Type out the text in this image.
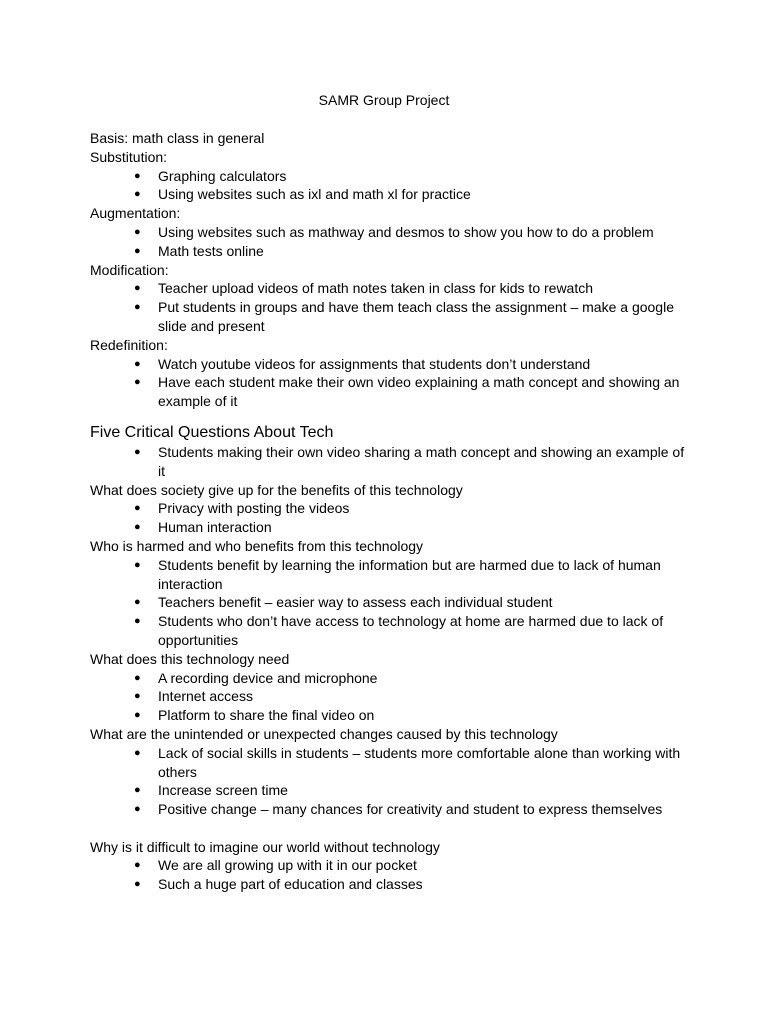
SAMR Group Project

Basis: math class in general

Substitution:

● Graphing calculators
● Using websites such as ixl and math xl for practice

Augmentation:

● Using websites such as mathway and desmos to show you how to do a problem
● Math tests online

Modification:

● Teacher upload videos of math notes taken in class for kids to rewatch
● Put students in groups and have them teach class the assignment – make a google slide and present

Redefinition:

● Watch youtube videos for assignments that students don’t understand
● Have each student make their own video explaining a math concept and showing an example of it

Five Critical Questions About Tech

● Students making their own video sharing a math concept and showing an example of it

What does society give up for the benefits of this technology

● Privacy with posting the videos
● Human interaction

Who is harmed and who benefits from this technology

● Students benefit by learning the information but are harmed due to lack of human interaction
● Teachers benefit – easier way to assess each individual student
● Students who don’t have access to technology at home are harmed due to lack of opportunities

What does this technology need

● A recording device and microphone
● Internet access
● Platform to share the final video on

What are the unintended or unexpected changes caused by this technology

● Lack of social skills in students – students more comfortable alone than working with others
● Increase screen time
● Positive change – many chances for creativity and student to express themselves

Why is it difficult to imagine our world without technology

● We are all growing up with it in our pocket
● Such a huge part of education and classes
